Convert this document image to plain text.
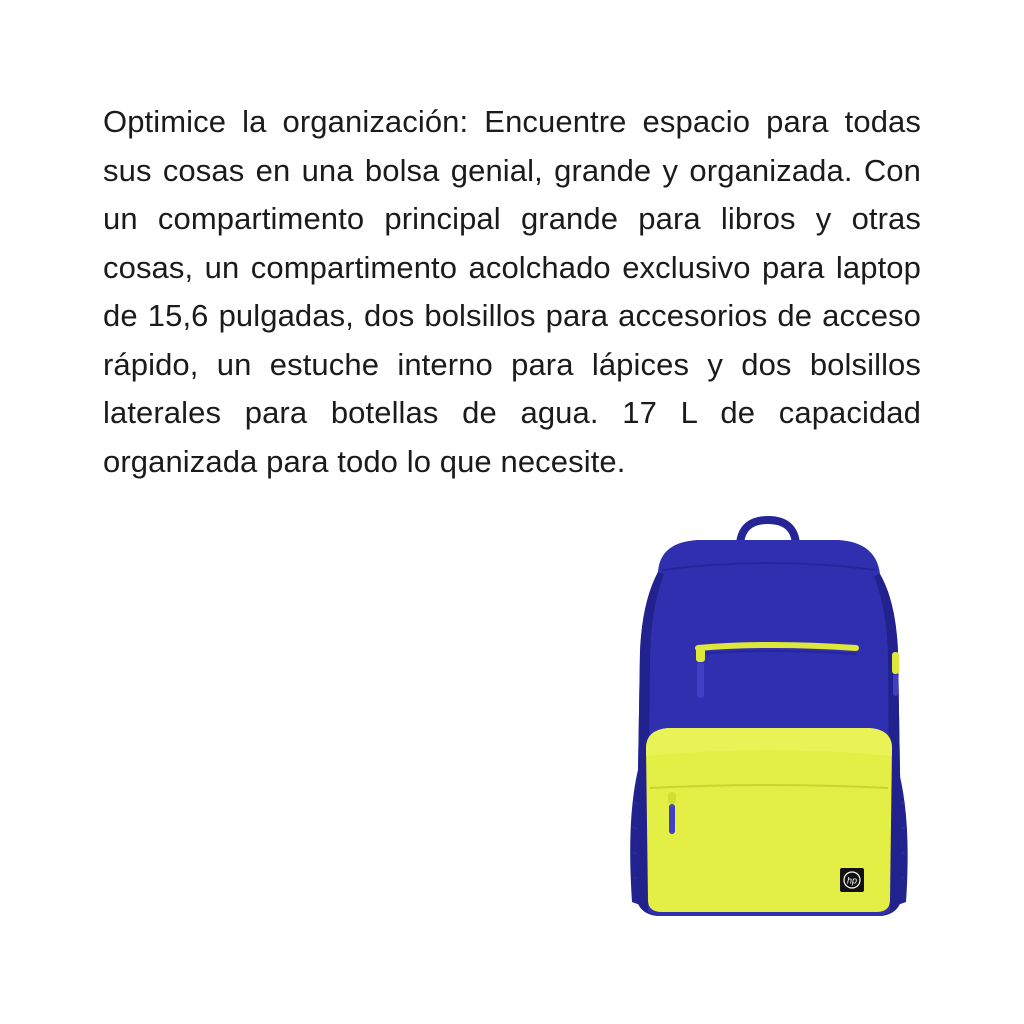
Optimice la organización: Encuentre espacio para todas sus cosas en una bolsa genial, grande y organizada. Con un compartimento principal grande para libros y otras cosas, un compartimento acolchado exclusivo para laptop de 15,6 pulgadas, dos bolsillos para accesorios de acceso rápido, un estuche interno para lápices y dos bolsillos laterales para botellas de agua. 17 L de capacidad organizada para todo lo que necesite.

hp
